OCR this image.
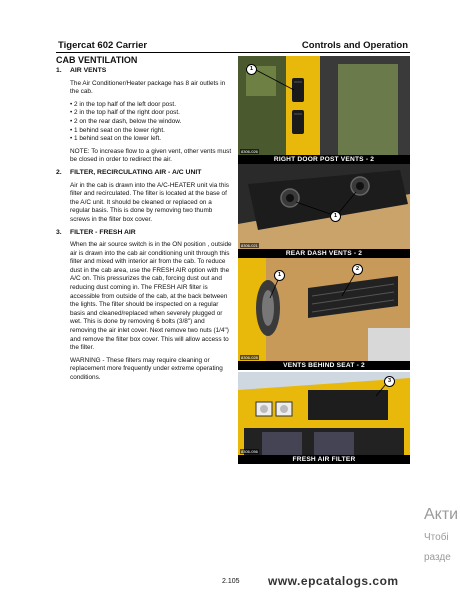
Tigercat 602 Carrier	Controls and Operation
CAB VENTILATION
1.	AIR VENTS

The Air Conditioner/Heater package has 8 air outlets in the cab.

• 2 in the top half of the left door post.
• 2 in the top half of the right door post.
• 2 on the rear dash, below the window.
• 1 behind seat on the lower right.
• 1 behind seat on the lower left.

NOTE: To increase flow to a given vent, other vents must be closed in order to redirect the air.

2.	FILTER, RECIRCULATING AIR - A/C UNIT

Air in the cab is drawn into the A/C-HEATER unit via this filter and recirculated. The filter is located at the base of the A/C unit. It should be cleaned or replaced on a regular basis. This is done by removing two thumb screws in the filter box cover.

3.	FILTER - FRESH AIR

When the air source switch is in the ON position , outside air is drawn into the cab air conditioning unit through this filter and mixed with interior air from the cab. To reduce dust in the cab area, use the FRESH AIR option with the A/C on. This pressurizes the cab, forcing dust out and reducing dust coming in. The FRESH AIR filter is accessible from outside of the cab, at the back between the lights. The filter should be inspected on a regular basis and cleaned/replaced when severely plugged or wet. This is done by removing 6 bolts (3/8") and removing the air inlet cover. Next remove two nuts (1/4") and remove the filter box cover. This will allow access to the filter.

WARNING - These filters may require cleaning or replacement more frequently under extreme operating conditions.

1
8306-026
RIGHT DOOR POST VENTS - 2
1
8306-021
REAR DASH VENTS - 2
1
2
8306-028
VENTS BEHIND SEAT - 2
3
8306-056
FRESH AIR FILTER
2.105 www.epcatalogs.com
Акти
Чтобі
разде
